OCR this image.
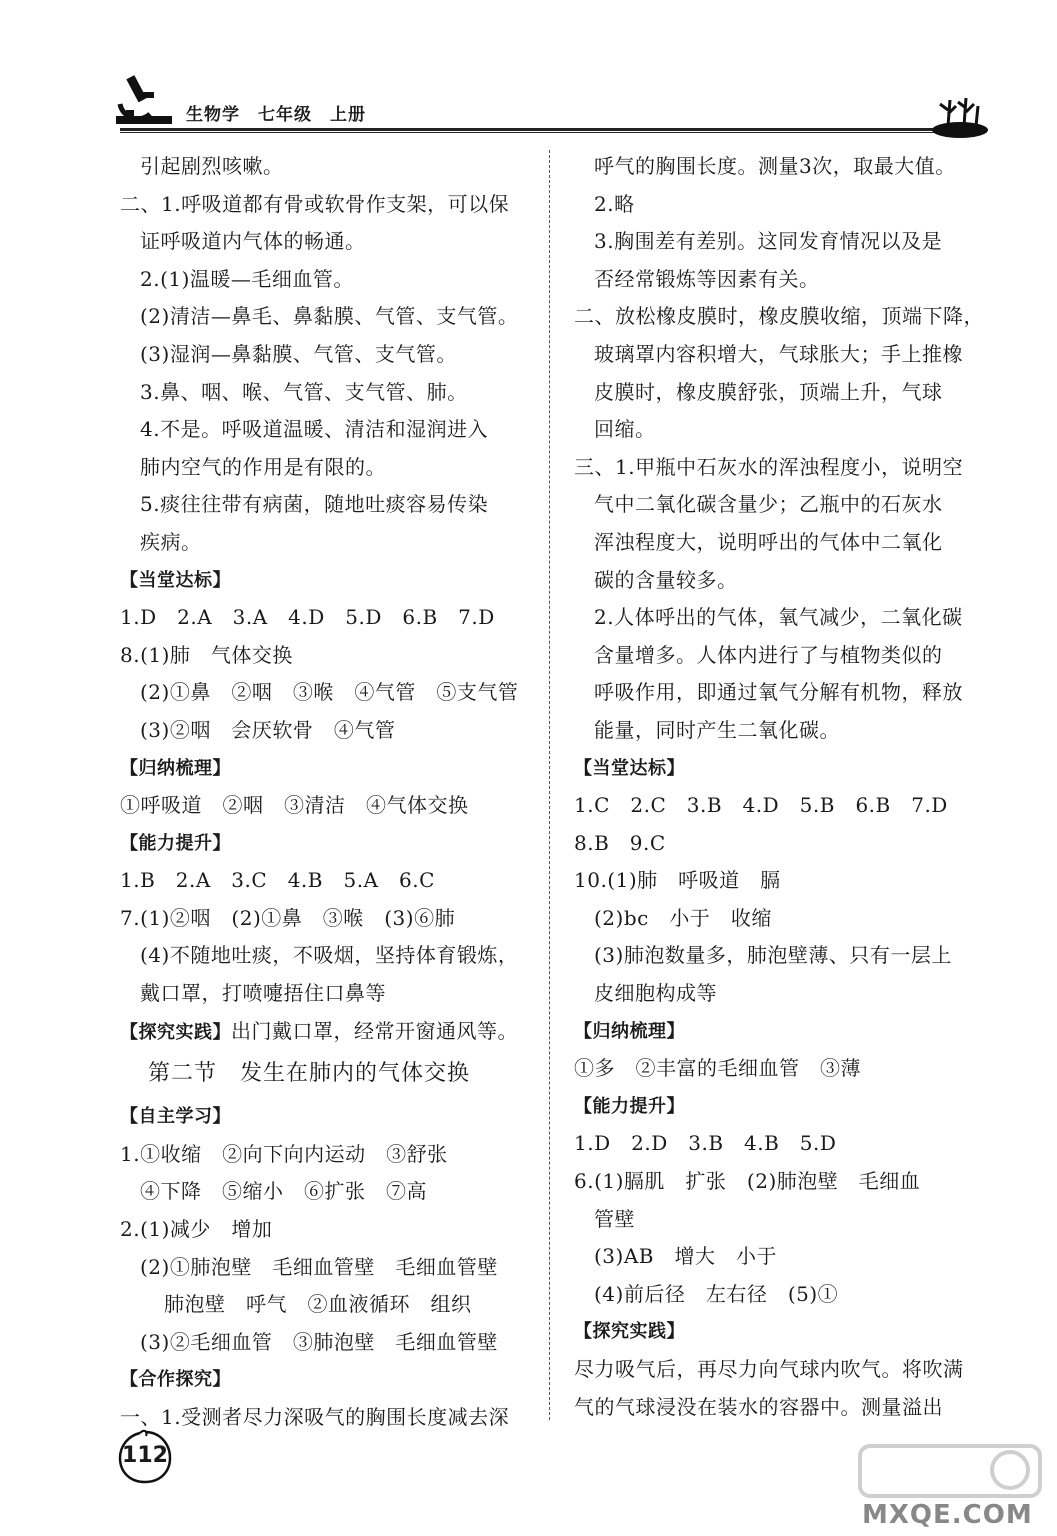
生物学　七年级　上册
引起剧烈咳嗽。
二、1.呼吸道都有骨或软骨作支架，可以保
证呼吸道内气体的畅通。
2.(1)温暖—毛细血管。
(2)清洁—鼻毛、鼻黏膜、气管、支气管。
(3)湿润—鼻黏膜、气管、支气管。
3.鼻、咽、喉、气管、支气管、肺。
4.不是。呼吸道温暖、清洁和湿润进入
肺内空气的作用是有限的。
5.痰往往带有病菌，随地吐痰容易传染
疾病。
【当堂达标】
1.D　2.A　3.A　4.D　5.D　6.B　7.D
8.(1)肺　气体交换
(2)①鼻　②咽　③喉　④气管　⑤支气管
(3)②咽　会厌软骨　④气管
【归纳梳理】
①呼吸道　②咽　③清洁　④气体交换
【能力提升】
1.B　2.A　3.C　4.B　5.A　6.C
7.(1)②咽　(2)①鼻　③喉　(3)⑥肺
(4)不随地吐痰，不吸烟，坚持体育锻炼，
戴口罩，打喷嚏捂住口鼻等
【探究实践】出门戴口罩，经常开窗通风等。
第二节　发生在肺内的气体交换
【自主学习】
1.①收缩　②向下向内运动　③舒张
④下降　⑤缩小　⑥扩张　⑦高
2.(1)减少　增加
(2)①肺泡壁　毛细血管壁　毛细血管壁
肺泡壁　呼气　②血液循环　组织
(3)②毛细血管　③肺泡壁　毛细血管壁
【合作探究】
一、1.受测者尽力深吸气的胸围长度减去深
呼气的胸围长度。测量3次，取最大值。
2.略
3.胸围差有差别。这同发育情况以及是
否经常锻炼等因素有关。
二、放松橡皮膜时，橡皮膜收缩，顶端下降，
玻璃罩内容积增大，气球胀大；手上推橡
皮膜时，橡皮膜舒张，顶端上升，气球
回缩。
三、1.甲瓶中石灰水的浑浊程度小，说明空
气中二氧化碳含量少；乙瓶中的石灰水
浑浊程度大，说明呼出的气体中二氧化
碳的含量较多。
2.人体呼出的气体，氧气减少，二氧化碳
含量增多。人体内进行了与植物类似的
呼吸作用，即通过氧气分解有机物，释放
能量，同时产生二氧化碳。
【当堂达标】
1.C　2.C　3.B　4.D　5.B　6.B　7.D
8.B　9.C
10.(1)肺　呼吸道　膈
(2)bc　小于　收缩
(3)肺泡数量多，肺泡壁薄、只有一层上
皮细胞构成等
【归纳梳理】
①多　②丰富的毛细血管　③薄
【能力提升】
1.D　2.D　3.B　4.B　5.D
6.(1)膈肌　扩张　(2)肺泡壁　毛细血
管壁
(3)AB　增大　小于
(4)前后径　左右径　(5)①
【探究实践】
尽力吸气后，再尽力向气球内吹气。将吹满
气的气球浸没在装水的容器中。测量溢出
112
MXQE.COM
